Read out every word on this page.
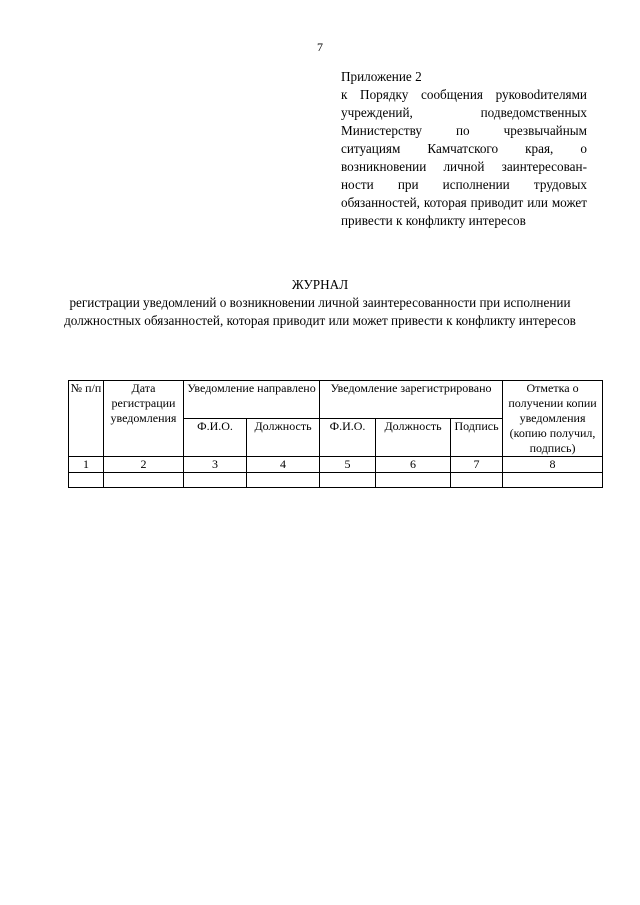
7
Приложение 2
к Порядку сообщения руковоdителями учреждений, подведомственных Министерству по чрезвычайным ситуациям Камчатского края, о возникновении личной заинтересованности при исполнении трудовых обязанностей, которая приводит или может привести к конфликту интересов
ЖУРНАЛ
регистрации уведомлений о возникновении личной заинтересованности при исполнении должностных обязанностей, которая приводит или может привести к конфликту интересов
№ п/п	Дата регистрации уведомления	Уведомление направлено		Уведомление зарегистрировано			Отметка о получении копии уведомления (копию получил, подпись)
		Ф.И.О.	Должность	Ф.И.О.	Должность	Подпись	
1	2	3	4	5	6	7	8
